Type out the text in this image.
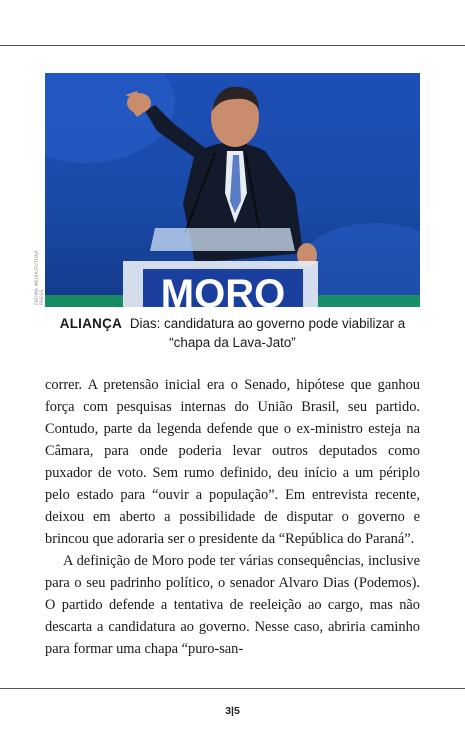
MORO
FATIMA MEIRA/FUTURA PRESS
ALIANÇA Dias: candidatura ao governo pode viabilizar a “chapa da Lava-Jato”

correr. A pretensão inicial era o Senado, hipótese que ganhou força com pesquisas internas do União Brasil, seu partido. Contudo, parte da legenda defende que o ex-ministro esteja na Câmara, para onde poderia levar outros deputados como puxador de voto. Sem rumo definido, deu início a um périplo pelo estado para “ouvir a população”. Em entrevista recente, deixou em aberto a possibilidade de disputar o governo e brincou que adoraria ser o presidente da “República do Paraná”.

A definição de Moro pode ter várias consequências, inclusive para o seu padrinho político, o senador Alvaro Dias (Podemos). O partido defende a tentativa de reeleição ao cargo, mas não descarta a candidatura ao governo. Nesse caso, abriria caminho para formar uma chapa “puro-san-

3|5
